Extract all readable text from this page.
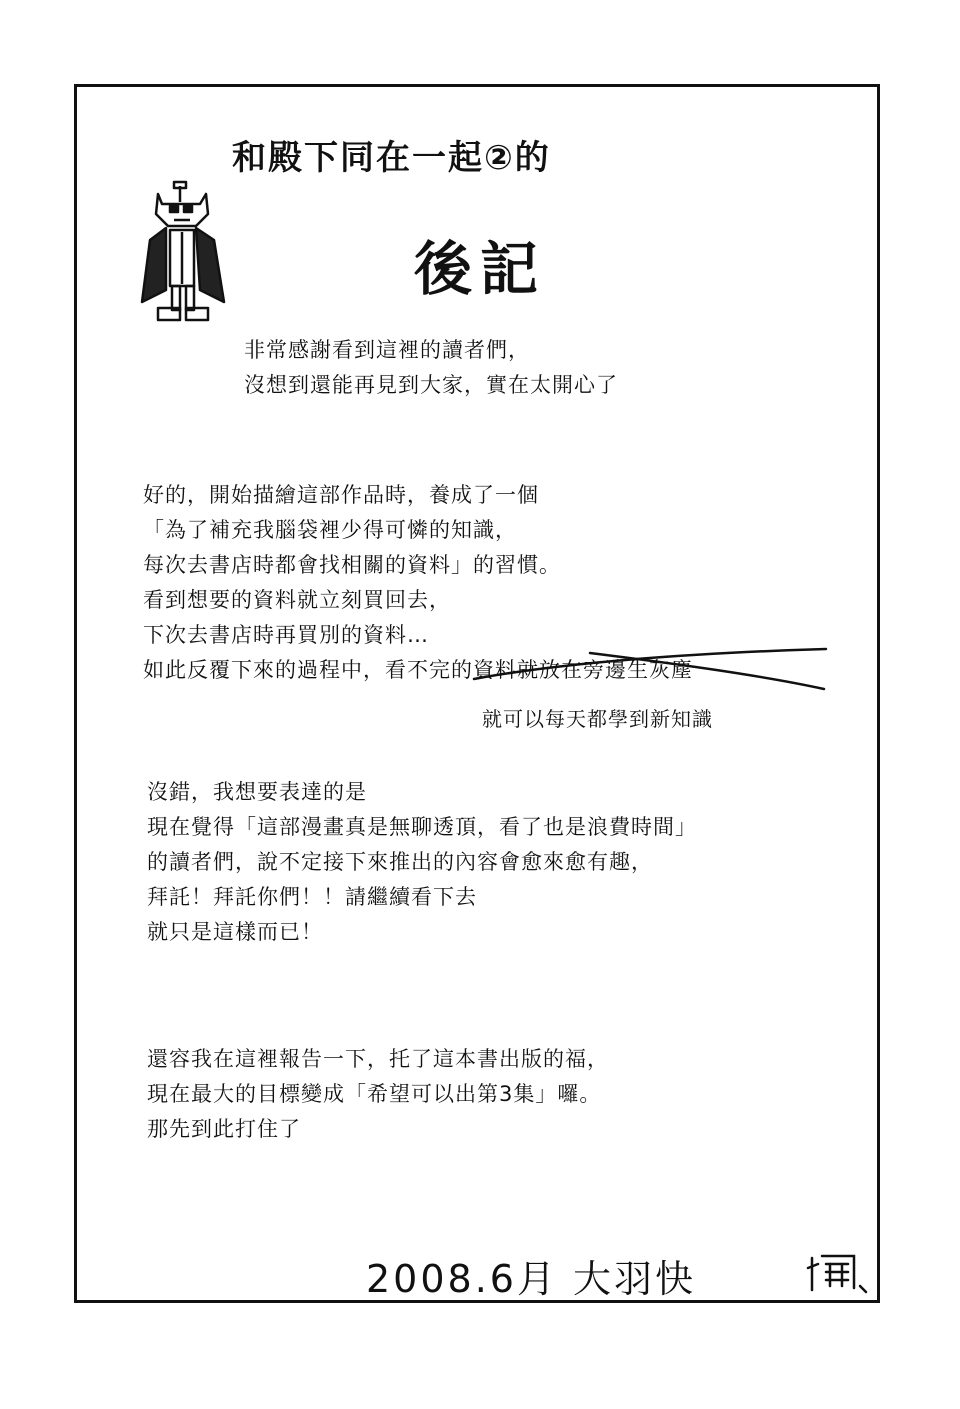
和殿下同在一起②的
後記
非常感謝看到這裡的讀者們，
沒想到還能再見到大家，實在太開心了
好的，開始描繪這部作品時，養成了一個
「為了補充我腦袋裡少得可憐的知識，
每次去書店時都會找相關的資料」的習慣。
看到想要的資料就立刻買回去，
下次去書店時再買別的資料…
如此反覆下來的過程中，看不完的資料就放在旁邊生灰塵
就可以每天都學到新知識
沒錯，我想要表達的是
現在覺得「這部漫畫真是無聊透頂，看了也是浪費時間」
的讀者們，說不定接下來推出的內容會愈來愈有趣，
拜託！拜託你們！！請繼續看下去
就只是這樣而已！
還容我在這裡報告一下，托了這本書出版的福，
現在最大的目標變成「希望可以出第3集」囉。
那先到此打住了
2008.6月 大羽快
